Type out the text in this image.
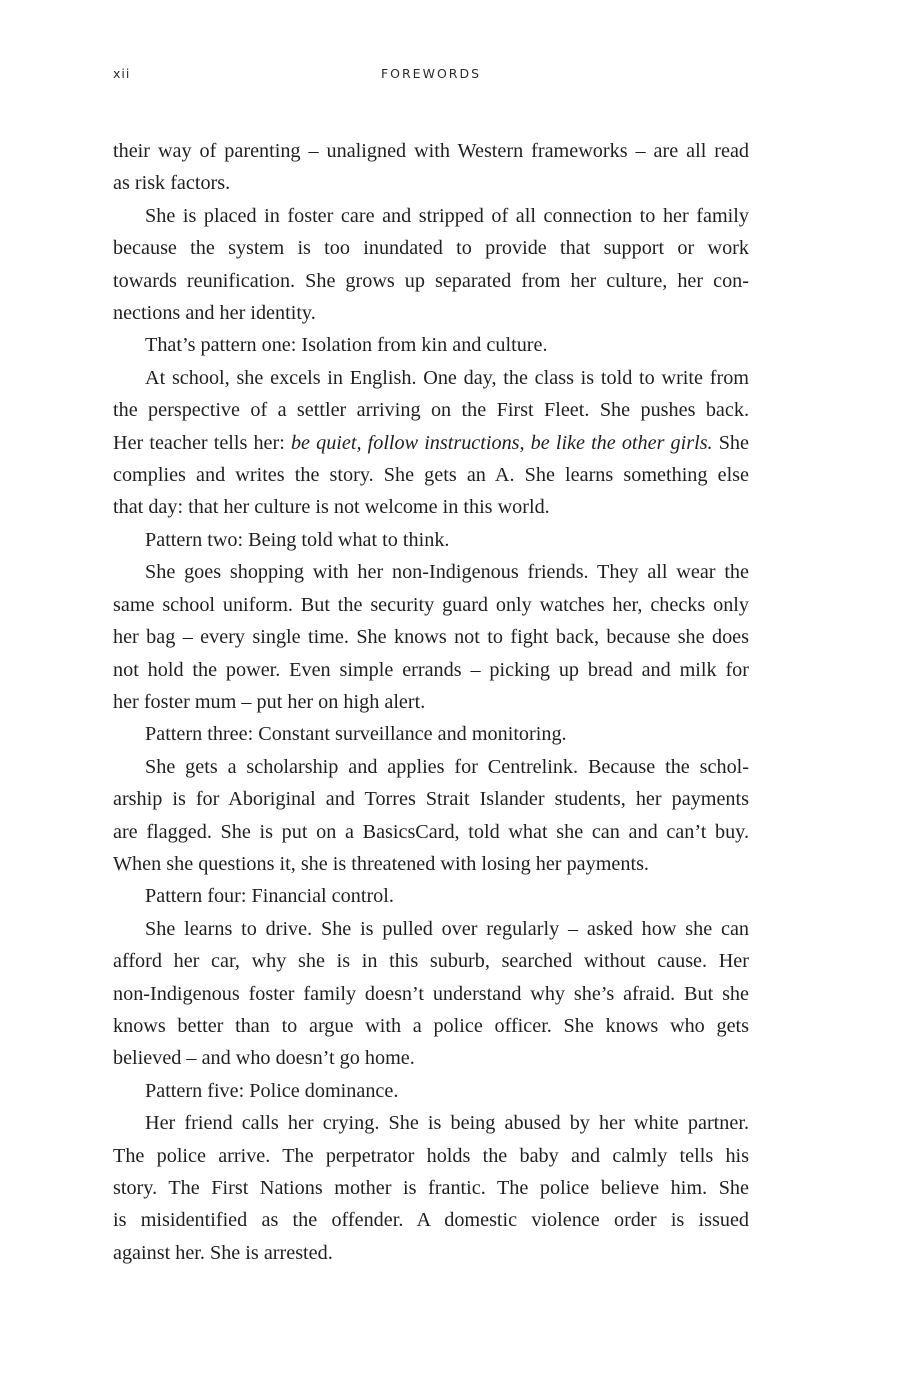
xii	FOREWORDS

their way of parenting – unaligned with Western frameworks – are all read
as risk factors.

She is placed in foster care and stripped of all connection to her family
because the system is too inundated to provide that support or work
towards reunification. She grows up separated from her culture, her con-
nections and her identity.

That’s pattern one: Isolation from kin and culture.

At school, she excels in English. One day, the class is told to write from
the perspective of a settler arriving on the First Fleet. She pushes back.
Her teacher tells her: be quiet, follow instructions, be like the other girls. She
complies and writes the story. She gets an A. She learns something else
that day: that her culture is not welcome in this world.

Pattern two: Being told what to think.

She goes shopping with her non-Indigenous friends. They all wear the
same school uniform. But the security guard only watches her, checks only
her bag – every single time. She knows not to fight back, because she does
not hold the power. Even simple errands – picking up bread and milk for
her foster mum – put her on high alert.

Pattern three: Constant surveillance and monitoring.

She gets a scholarship and applies for Centrelink. Because the schol-
arship is for Aboriginal and Torres Strait Islander students, her payments
are flagged. She is put on a BasicsCard, told what she can and can’t buy.
When she questions it, she is threatened with losing her payments.

Pattern four: Financial control.

She learns to drive. She is pulled over regularly – asked how she can
afford her car, why she is in this suburb, searched without cause. Her
non-Indigenous foster family doesn’t understand why she’s afraid. But she
knows better than to argue with a police officer. She knows who gets
believed – and who doesn’t go home.

Pattern five: Police dominance.

Her friend calls her crying. She is being abused by her white partner.
The police arrive. The perpetrator holds the baby and calmly tells his
story. The First Nations mother is frantic. The police believe him. She
is misidentified as the offender. A domestic violence order is issued
against her. She is arrested.
